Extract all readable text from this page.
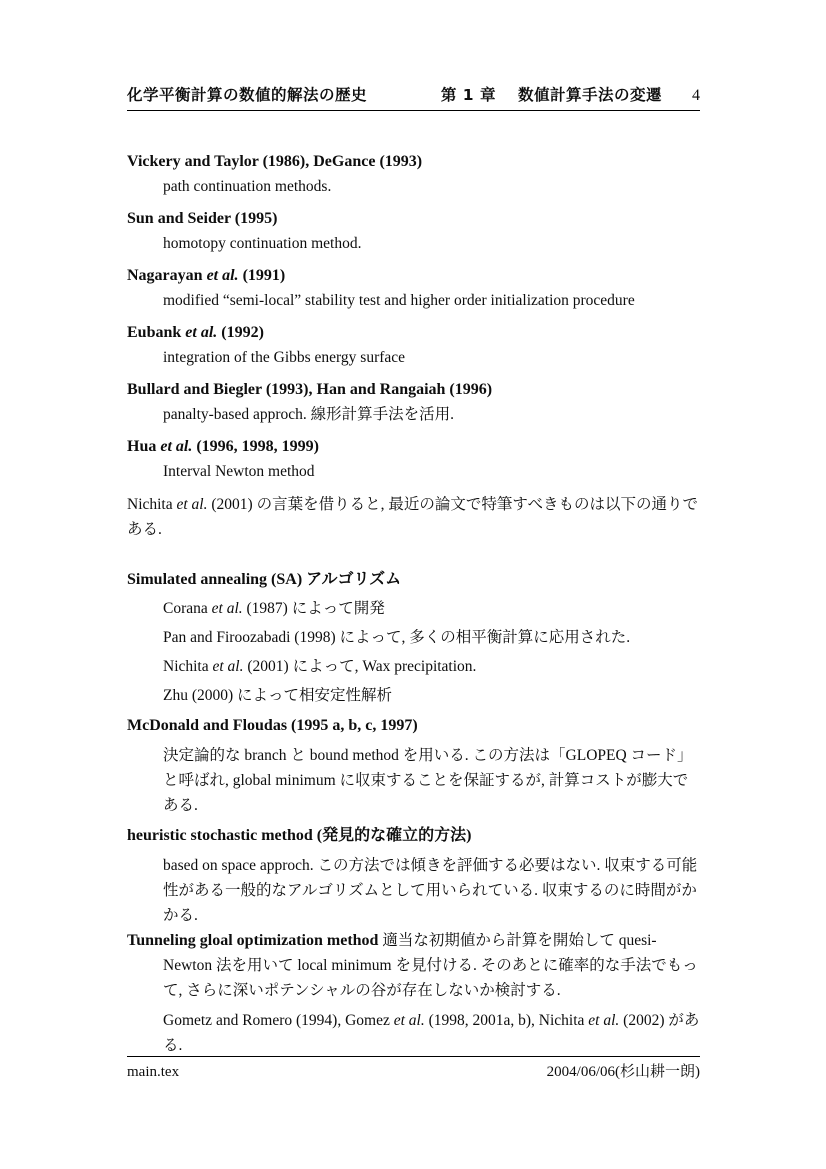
化学平衡計算の数値的解法の歴史	第 1 章 数値計算手法の変遷 4
Vickery and Taylor (1986), DeGance (1993)
path continuation methods.
Sun and Seider (1995)
homotopy continuation method.
Nagarayan et al. (1991)
modified “semi-local” stability test and higher order initialization procedure
Eubank et al. (1992)
integration of the Gibbs energy surface
Bullard and Biegler (1993), Han and Rangaiah (1996)
panalty-based approch. 線形計算手法を活用.
Hua et al. (1996, 1998, 1999)
Interval Newton method
Nichita et al. (2001) の言葉を借りると, 最近の論文で特筆すべきものは以下の通りである.
Simulated annealing (SA) アルゴリズム
Corana et al. (1987) によって開発
Pan and Firoozabadi (1998) によって, 多くの相平衡計算に応用された.
Nichita et al. (2001) によって, Wax precipitation.
Zhu (2000) によって相安定性解析
McDonald and Floudas (1995 a, b, c, 1997)
決定論的な branch と bound method を用いる. この方法は「GLOPEQ コード」と呼ばれ, global minimum に収束することを保証するが, 計算コストが膨大である.
heuristic stochastic method (発見的な確立的方法)
based on space approch. この方法では傾きを評価する必要はない. 収束する可能性がある一般的なアルゴリズムとして用いられている. 収束するのに時間がかかる.
Tunneling gloal optimization method 適当な初期値から計算を開始して quesi-Newton 法を用いて local minimum を見付ける. そのあとに確率的な手法でもって, さらに深いポテンシャルの谷が存在しないか検討する.
Gometz and Romero (1994), Gomez et al. (1998, 2001a, b), Nichita et al. (2002) がある.
main.tex	2004/06/06(杉山耕一朗)
